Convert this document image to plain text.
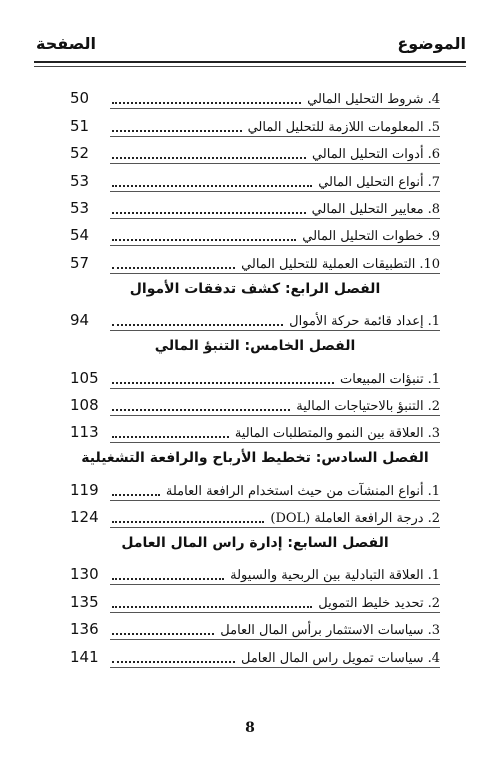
الموضوع
الصفحة
4.
شروط التحليل المالي
50
5.
المعلومات اللازمة للتحليل المالي
51
6.
أدوات التحليل المالي
52
7.
أنواع التحليل المالي
53
8.
معايير التحليل المالي
53
9.
خطوات التحليل المالي
54
10.
التطبيقات العملية للتحليل المالي
57
الفصل الرابع: كشف تدفقات الأموال
1.
إعداد قائمة حركة الأموال
94
الفصل الخامس: التنبؤ المالي
1.
تنبؤات المبيعات
105
2.
التنبؤ بالاحتياجات المالية
108
3.
العلاقة بين النمو والمتطلبات المالية
113
الفصل السادس: تخطيط الأرباح والرافعة التشغيلية
1.
أنواع المنشآت من حيث استخدام الرافعة العاملة
119
2.
درجة الرافعة العاملة (DOL)
124
الفصل السابع: إدارة راس المال العامل
1.
العلاقة التبادلية بين الربحية والسيولة
130
2.
تحديد خليط التمويل
135
3.
سياسات الاستثمار برأس المال العامل
136
4.
سياسات تمويل راس المال العامل
141
8
